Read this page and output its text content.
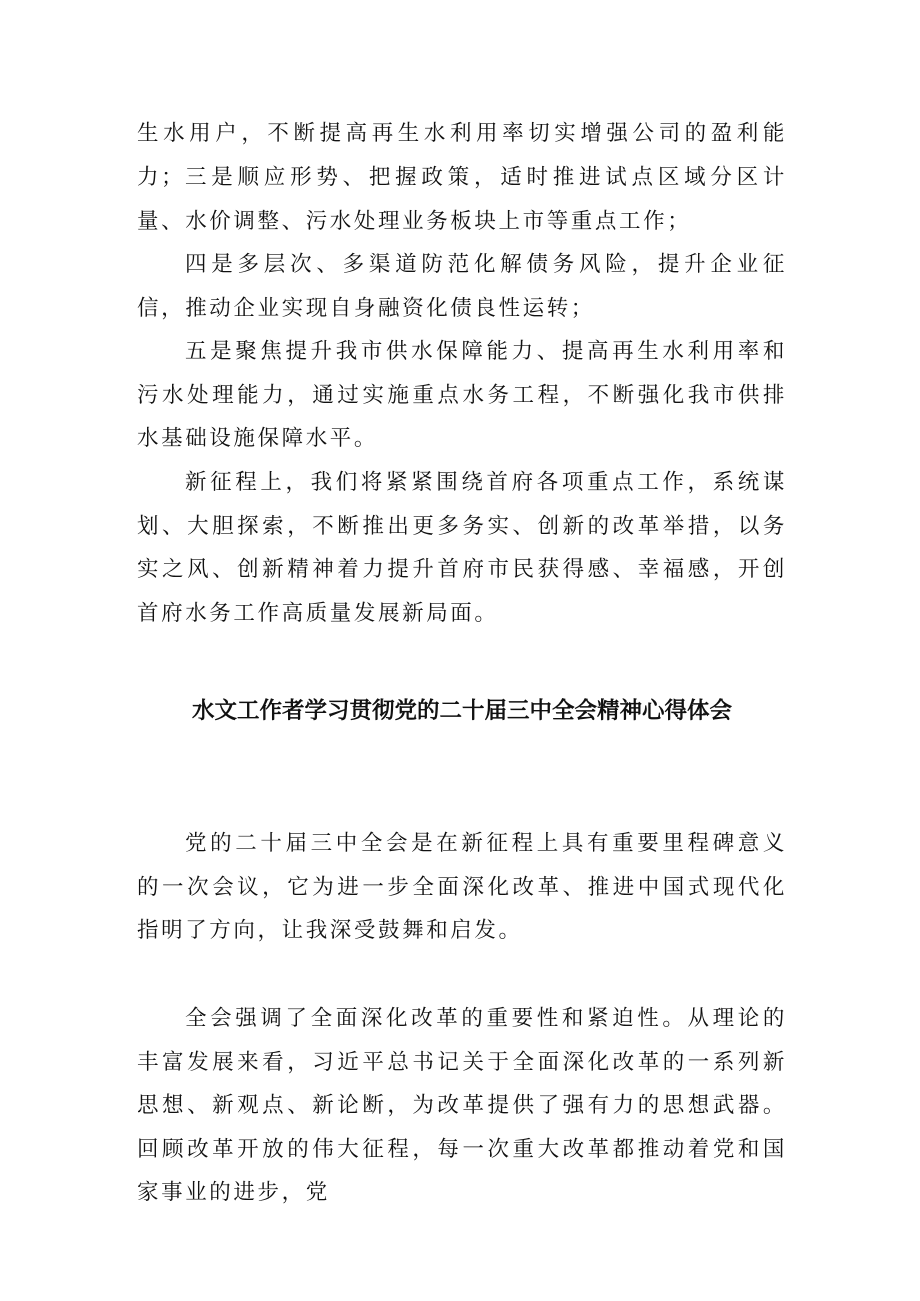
生水用户，不断提高再生水利用率切实增强公司的盈利能力； 三是顺应形势、把握政策，适时推进试点区域分区计量、水价调整、污水处理业务板块上市等重点工作；

四是多层次、多渠道防范化解债务风险，提升企业征信，推动企业实现自身融资化债良性运转；

五是聚焦提升我市供水保障能力、提高再生水利用率和污水处理能力，通过实施重点水务工程，不断强化我市供排水基础设施保障水平。

新征程上，我们将紧紧围绕首府各项重点工作，系统谋划、大胆探索，不断推出更多务实、创新的改革举措，以务实之风、创新精神着力提升首府市民获得感、幸福感，开创首府水务工作高质量发展新局面。

水文工作者学习贯彻党的二十届三中全会精神心得体会

党的二十届三中全会是在新征程上具有重要里程碑意义的一次会议，它为进一步全面深化改革、推进中国式现代化指明了方向，让我深受鼓舞和启发。

全会强调了全面深化改革的重要性和紧迫性。从理论的丰富发展来看，习近平总书记关于全面深化改革的一系列新思想、新观点、新论断，为改革提供了强有力的思想武器。回顾改革开放的伟大征程，每一次重大改革都推动着党和国家事业的进步，党
